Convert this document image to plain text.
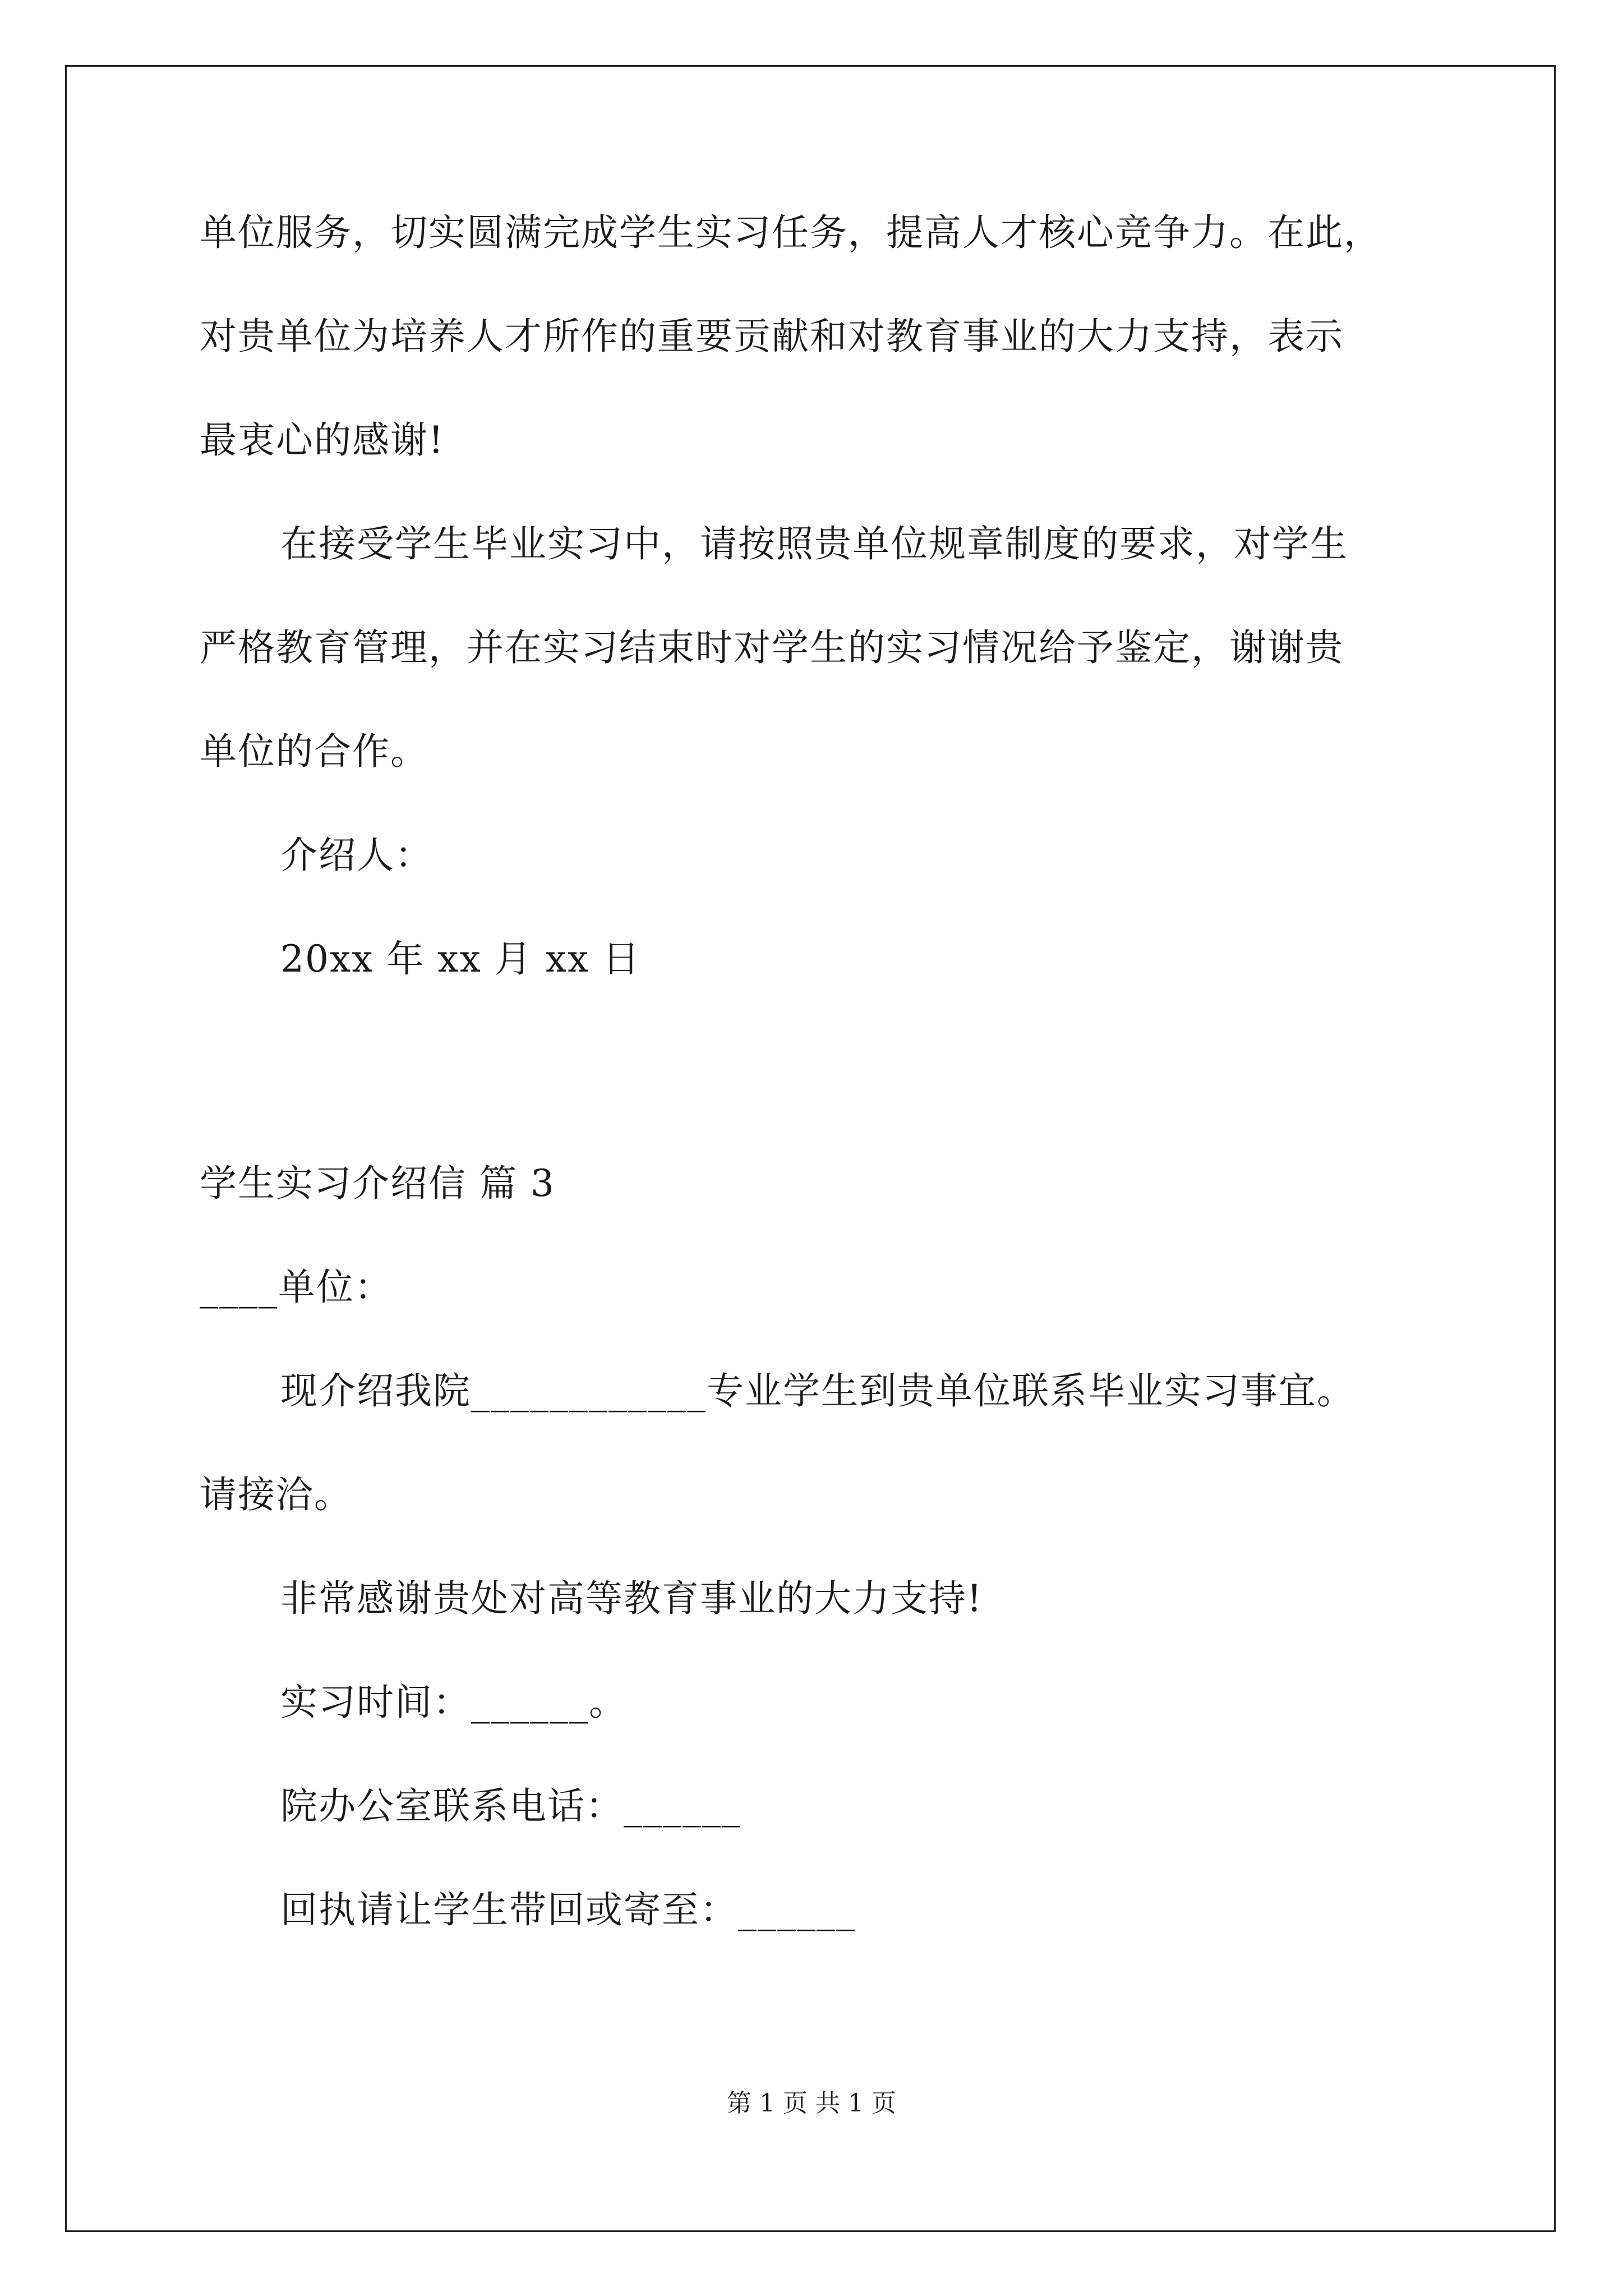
单位服务，切实圆满完成学生实习任务，提高人才核心竞争力。在此，
对贵单位为培养人才所作的重要贡献和对教育事业的大力支持，表示
最衷心的感谢!
在接受学生毕业实习中，请按照贵单位规章制度的要求，对学生
严格教育管理，并在实习结束时对学生的实习情况给予鉴定，谢谢贵
单位的合作。
介绍人：
20xx 年 xx 月 xx 日
学生实习介绍信 篇 3
____单位：
现介绍我院____________专业学生到贵单位联系毕业实习事宜。
请接洽。
非常感谢贵处对高等教育事业的大力支持!
实习时间：______。
院办公室联系电话：______
回执请让学生带回或寄至：______
第 1 页 共 1 页
